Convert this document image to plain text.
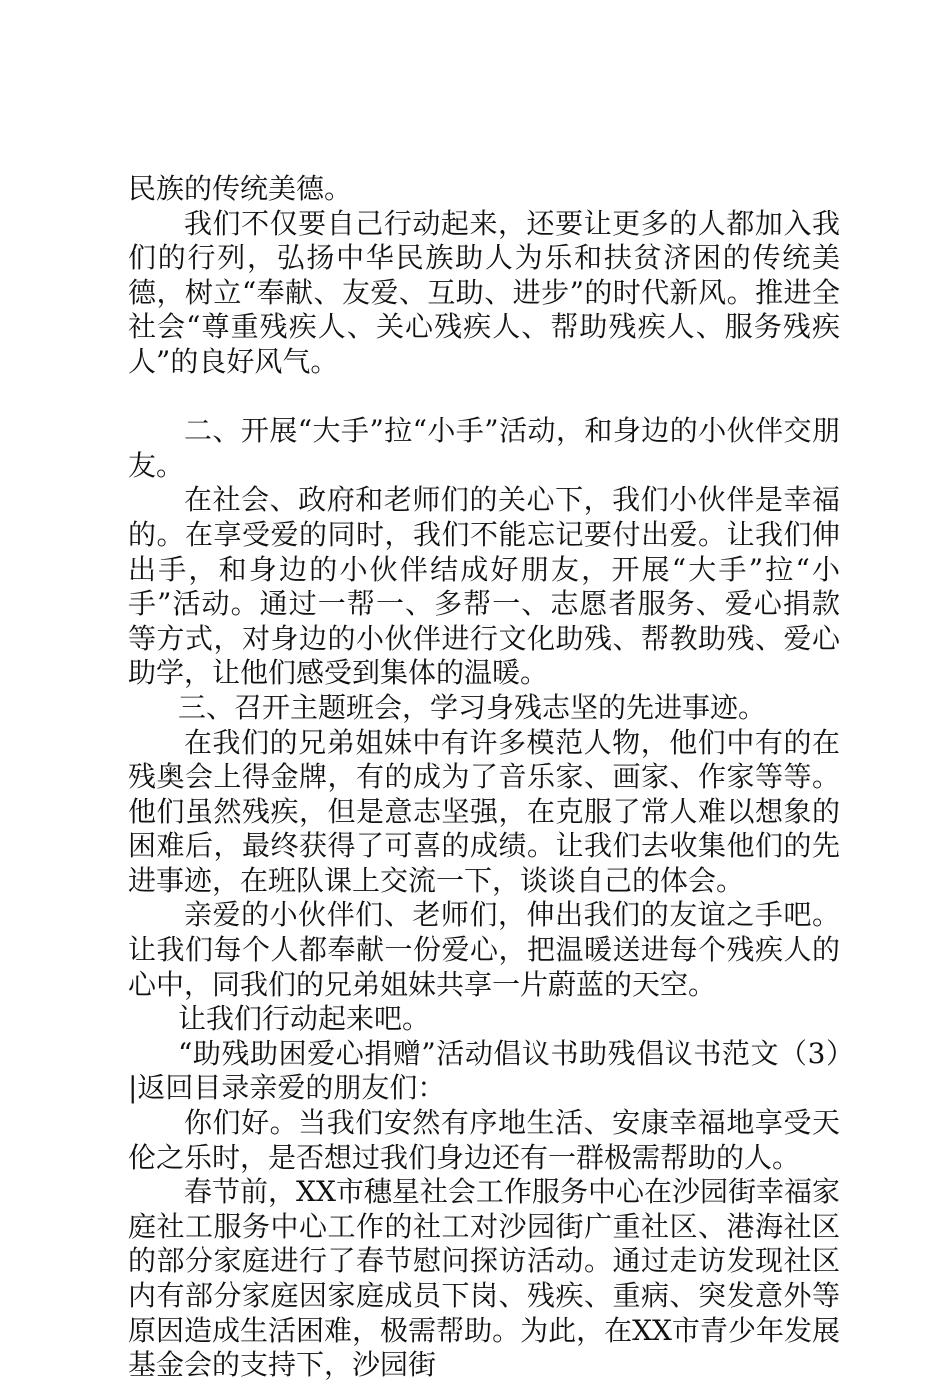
民族的传统美德。

我们不仅要自己行动起来，还要让更多的人都加入我们的行列，弘扬中华民族助人为乐和扶贫济困的传统美德，树立“奉献、友爱、互助、进步”的时代新风。推进全社会“尊重残疾人、关心残疾人、帮助残疾人、服务残疾人”的良好风气。

二、开展“大手”拉“小手”活动，和身边的小伙伴交朋友。

在社会、政府和老师们的关心下，我们小伙伴是幸福的。在享受爱的同时，我们不能忘记要付出爱。让我们伸出手，和身边的小伙伴结成好朋友，开展“大手”拉“小手”活动。通过一帮一、多帮一、志愿者服务、爱心捐款等方式，对身边的小伙伴进行文化助残、帮教助残、爱心助学，让他们感受到集体的温暖。

三、召开主题班会，学习身残志坚的先进事迹。

在我们的兄弟姐妹中有许多模范人物，他们中有的在残奥会上得金牌，有的成为了音乐家、画家、作家等等。他们虽然残疾，但是意志坚强，在克服了常人难以想象的困难后，最终获得了可喜的成绩。让我们去收集他们的先进事迹，在班队课上交流一下，谈谈自己的体会。

亲爱的小伙伴们、老师们，伸出我们的友谊之手吧。让我们每个人都奉献一份爱心，把温暖送进每个残疾人的心中，同我们的兄弟姐妹共享一片蔚蓝的天空。

让我们行动起来吧。

“助残助困爱心捐赠”活动倡议书助残倡议书范文（3）|返回目录亲爱的朋友们：

你们好。当我们安然有序地生活、安康幸福地享受天伦之乐时，是否想过我们身边还有一群极需帮助的人。

春节前，XX市穗星社会工作服务中心在沙园街幸福家庭社工服务中心工作的社工对沙园街广重社区、港海社区的部分家庭进行了春节慰问探访活动。通过走访发现社区内有部分家庭因家庭成员下岗、残疾、重病、突发意外等原因造成生活困难，极需帮助。为此，在XX市青少年发展基金会的支持下，沙园街
